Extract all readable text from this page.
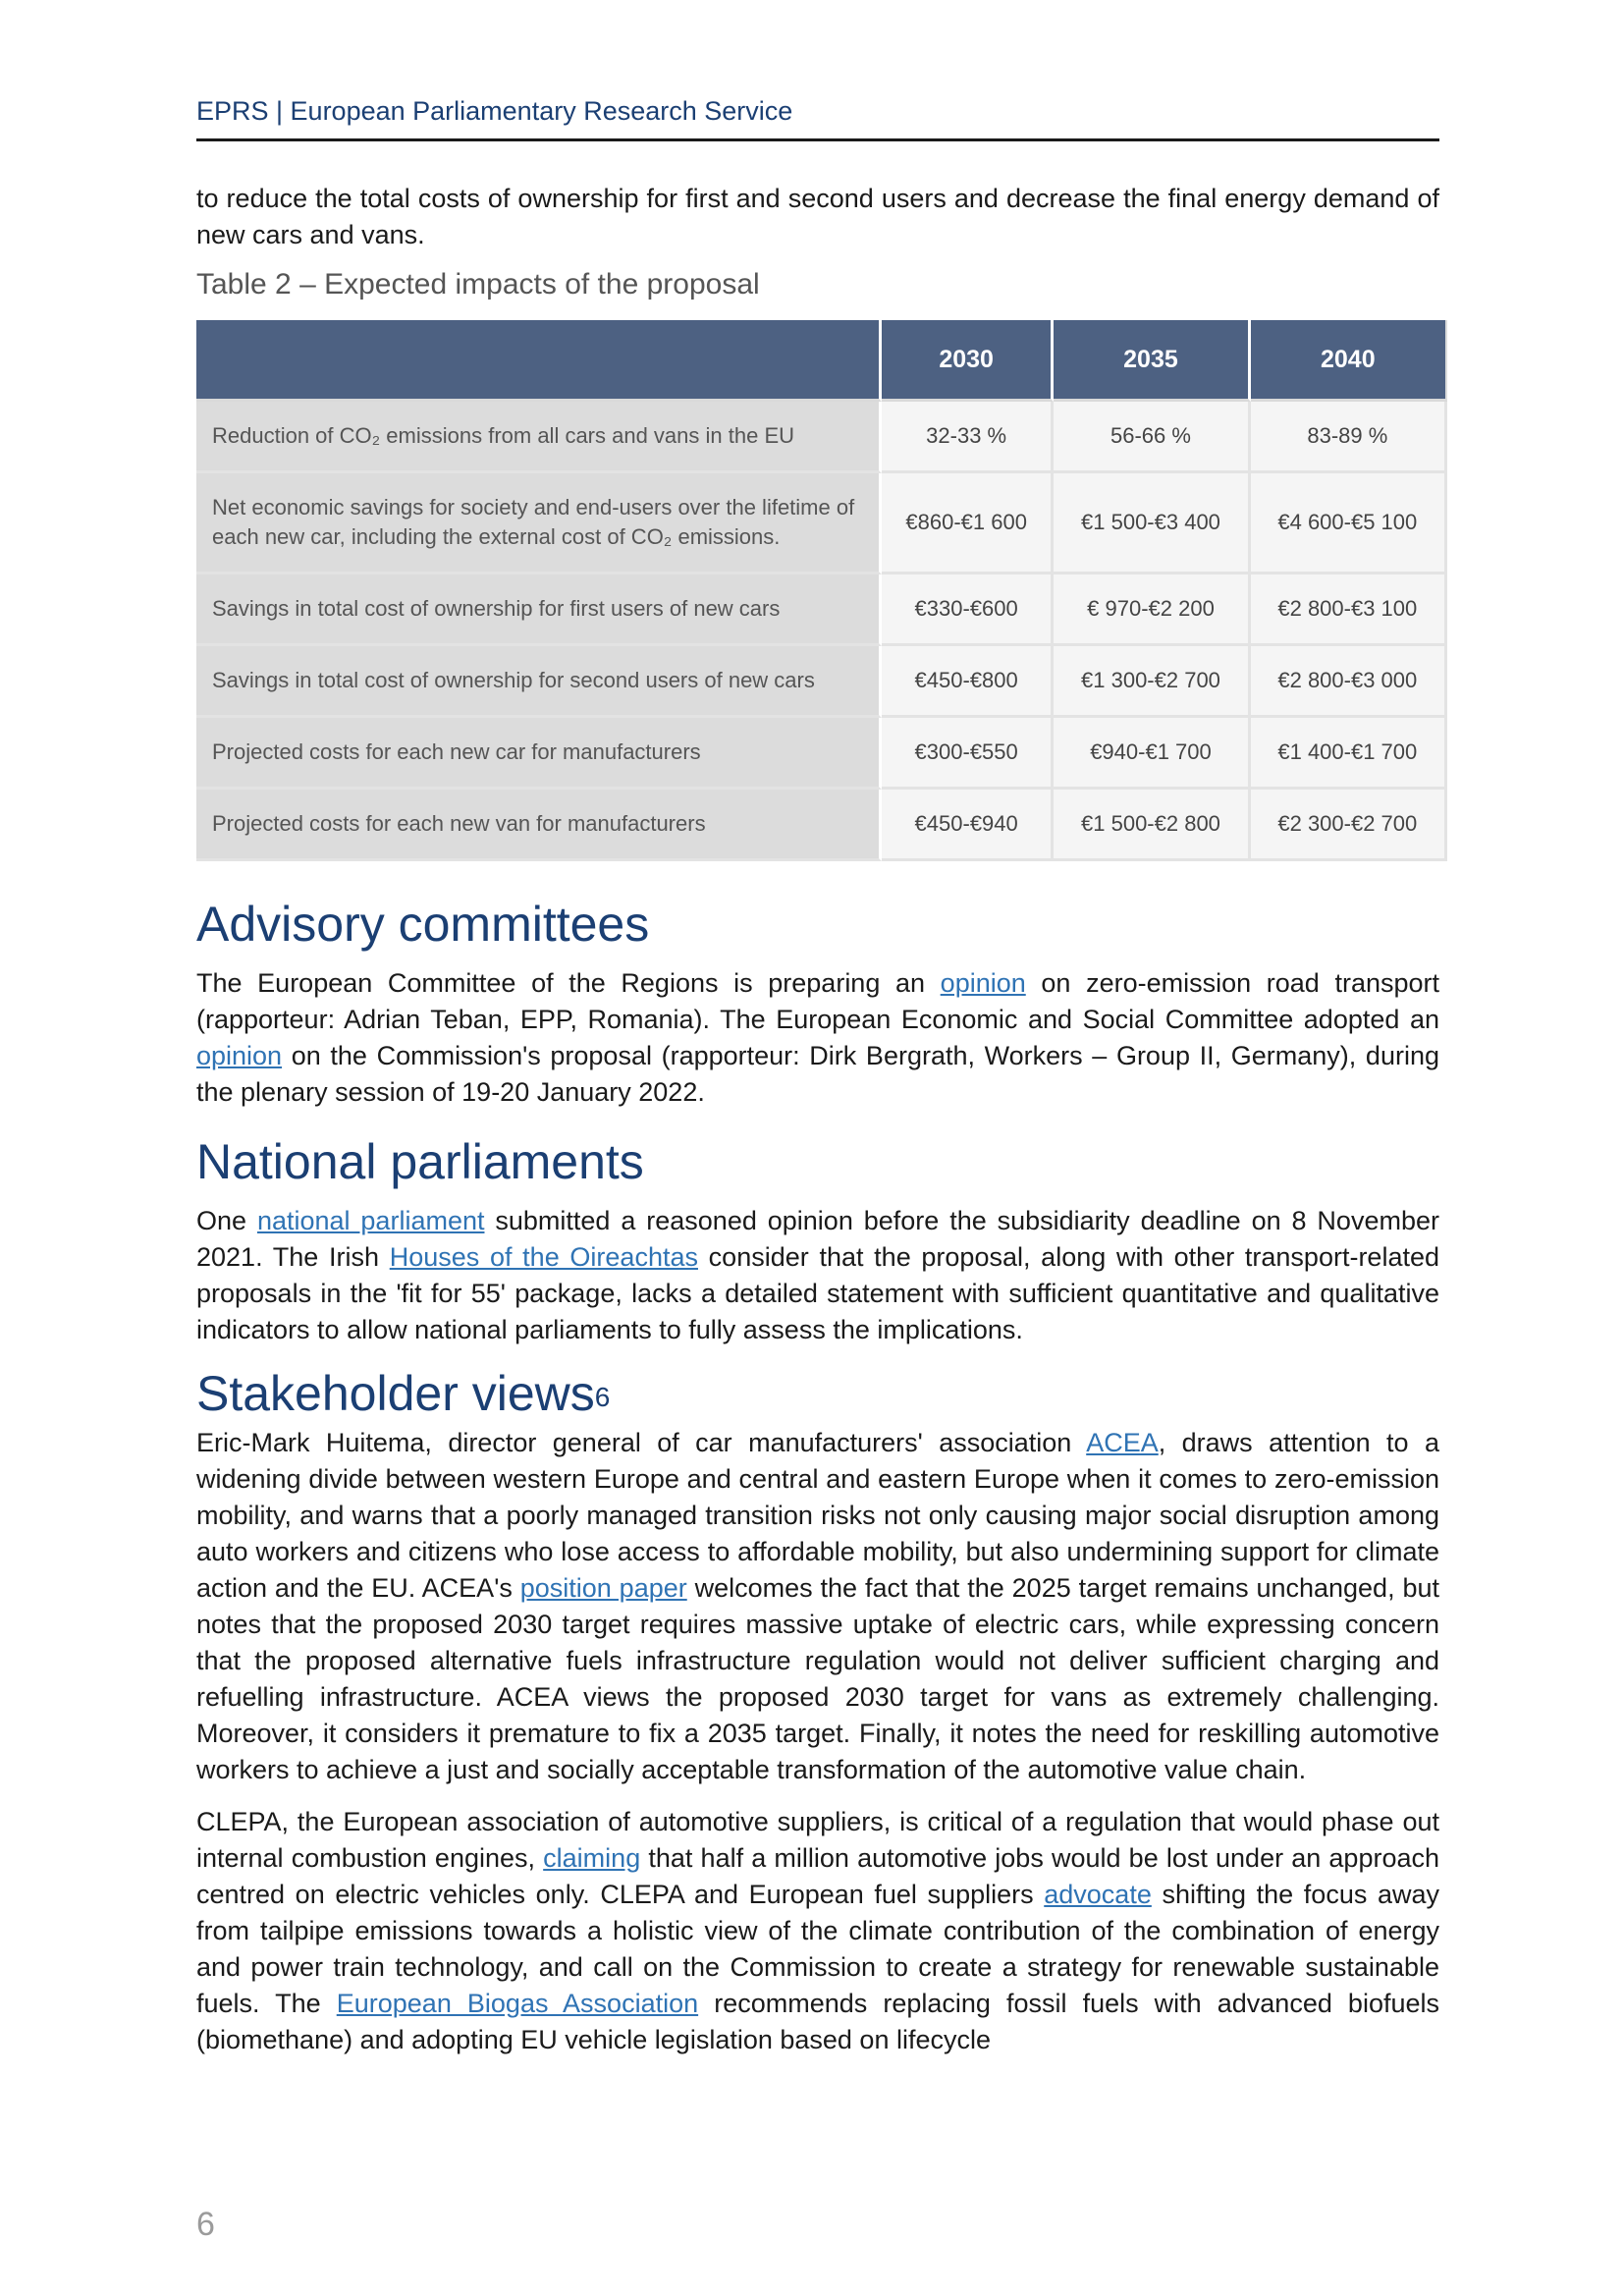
EPRS | European Parliamentary Research Service

to reduce the total costs of ownership for first and second users and decrease the final energy demand of new cars and vans.

Table 2 – Expected impacts of the proposal
	2030	2035	2040
Reduction of CO₂ emissions from all cars and vans in the EU	32-33 %	56-66 %	83-89 %
Net economic savings for society and end-users over the lifetime of each new car, including the external cost of CO₂ emissions.	€860-€1 600	€1 500-€3 400	€4 600-€5 100
Savings in total cost of ownership for first users of new cars	€330-€600	€ 970-€2 200	€2 800-€3 100
Savings in total cost of ownership for second users of new cars	€450-€800	€1 300-€2 700	€2 800-€3 000
Projected costs for each new car for manufacturers	€300-€550	€940-€1 700	€1 400-€1 700
Projected costs for each new van for manufacturers	€450-€940	€1 500-€2 800	€2 300-€2 700
Advisory committees

The European Committee of the Regions is preparing an opinion on zero-emission road transport (rapporteur: Adrian Teban, EPP, Romania). The European Economic and Social Committee adopted an opinion on the Commission's proposal (rapporteur: Dirk Bergrath, Workers – Group II, Germany), during the plenary session of 19-20 January 2022.

National parliaments

One national parliament submitted a reasoned opinion before the subsidiarity deadline on 8 November 2021. The Irish Houses of the Oireachtas consider that the proposal, along with other transport-related proposals in the 'fit for 55' package, lacks a detailed statement with sufficient quantitative and qualitative indicators to allow national parliaments to fully assess the implications.

Stakeholder views$^6$

Eric-Mark Huitema, director general of car manufacturers' association ACEA, draws attention to a widening divide between western Europe and central and eastern Europe when it comes to zero-emission mobility, and warns that a poorly managed transition risks not only causing major social disruption among auto workers and citizens who lose access to affordable mobility, but also undermining support for climate action and the EU. ACEA's position paper welcomes the fact that the 2025 target remains unchanged, but notes that the proposed 2030 target requires massive uptake of electric cars, while expressing concern that the proposed alternative fuels infrastructure regulation would not deliver sufficient charging and refuelling infrastructure. ACEA views the proposed 2030 target for vans as extremely challenging. Moreover, it considers it premature to fix a 2035 target. Finally, it notes the need for reskilling automotive workers to achieve a just and socially acceptable transformation of the automotive value chain.

CLEPA, the European association of automotive suppliers, is critical of a regulation that would phase out internal combustion engines, claiming that half a million automotive jobs would be lost under an approach centred on electric vehicles only. CLEPA and European fuel suppliers advocate shifting the focus away from tailpipe emissions towards a holistic view of the climate contribution of the combination of energy and power train technology, and call on the Commission to create a strategy for renewable sustainable fuels. The European Biogas Association recommends replacing fossil fuels with advanced biofuels (biomethane) and adopting EU vehicle legislation based on lifecycle

6
